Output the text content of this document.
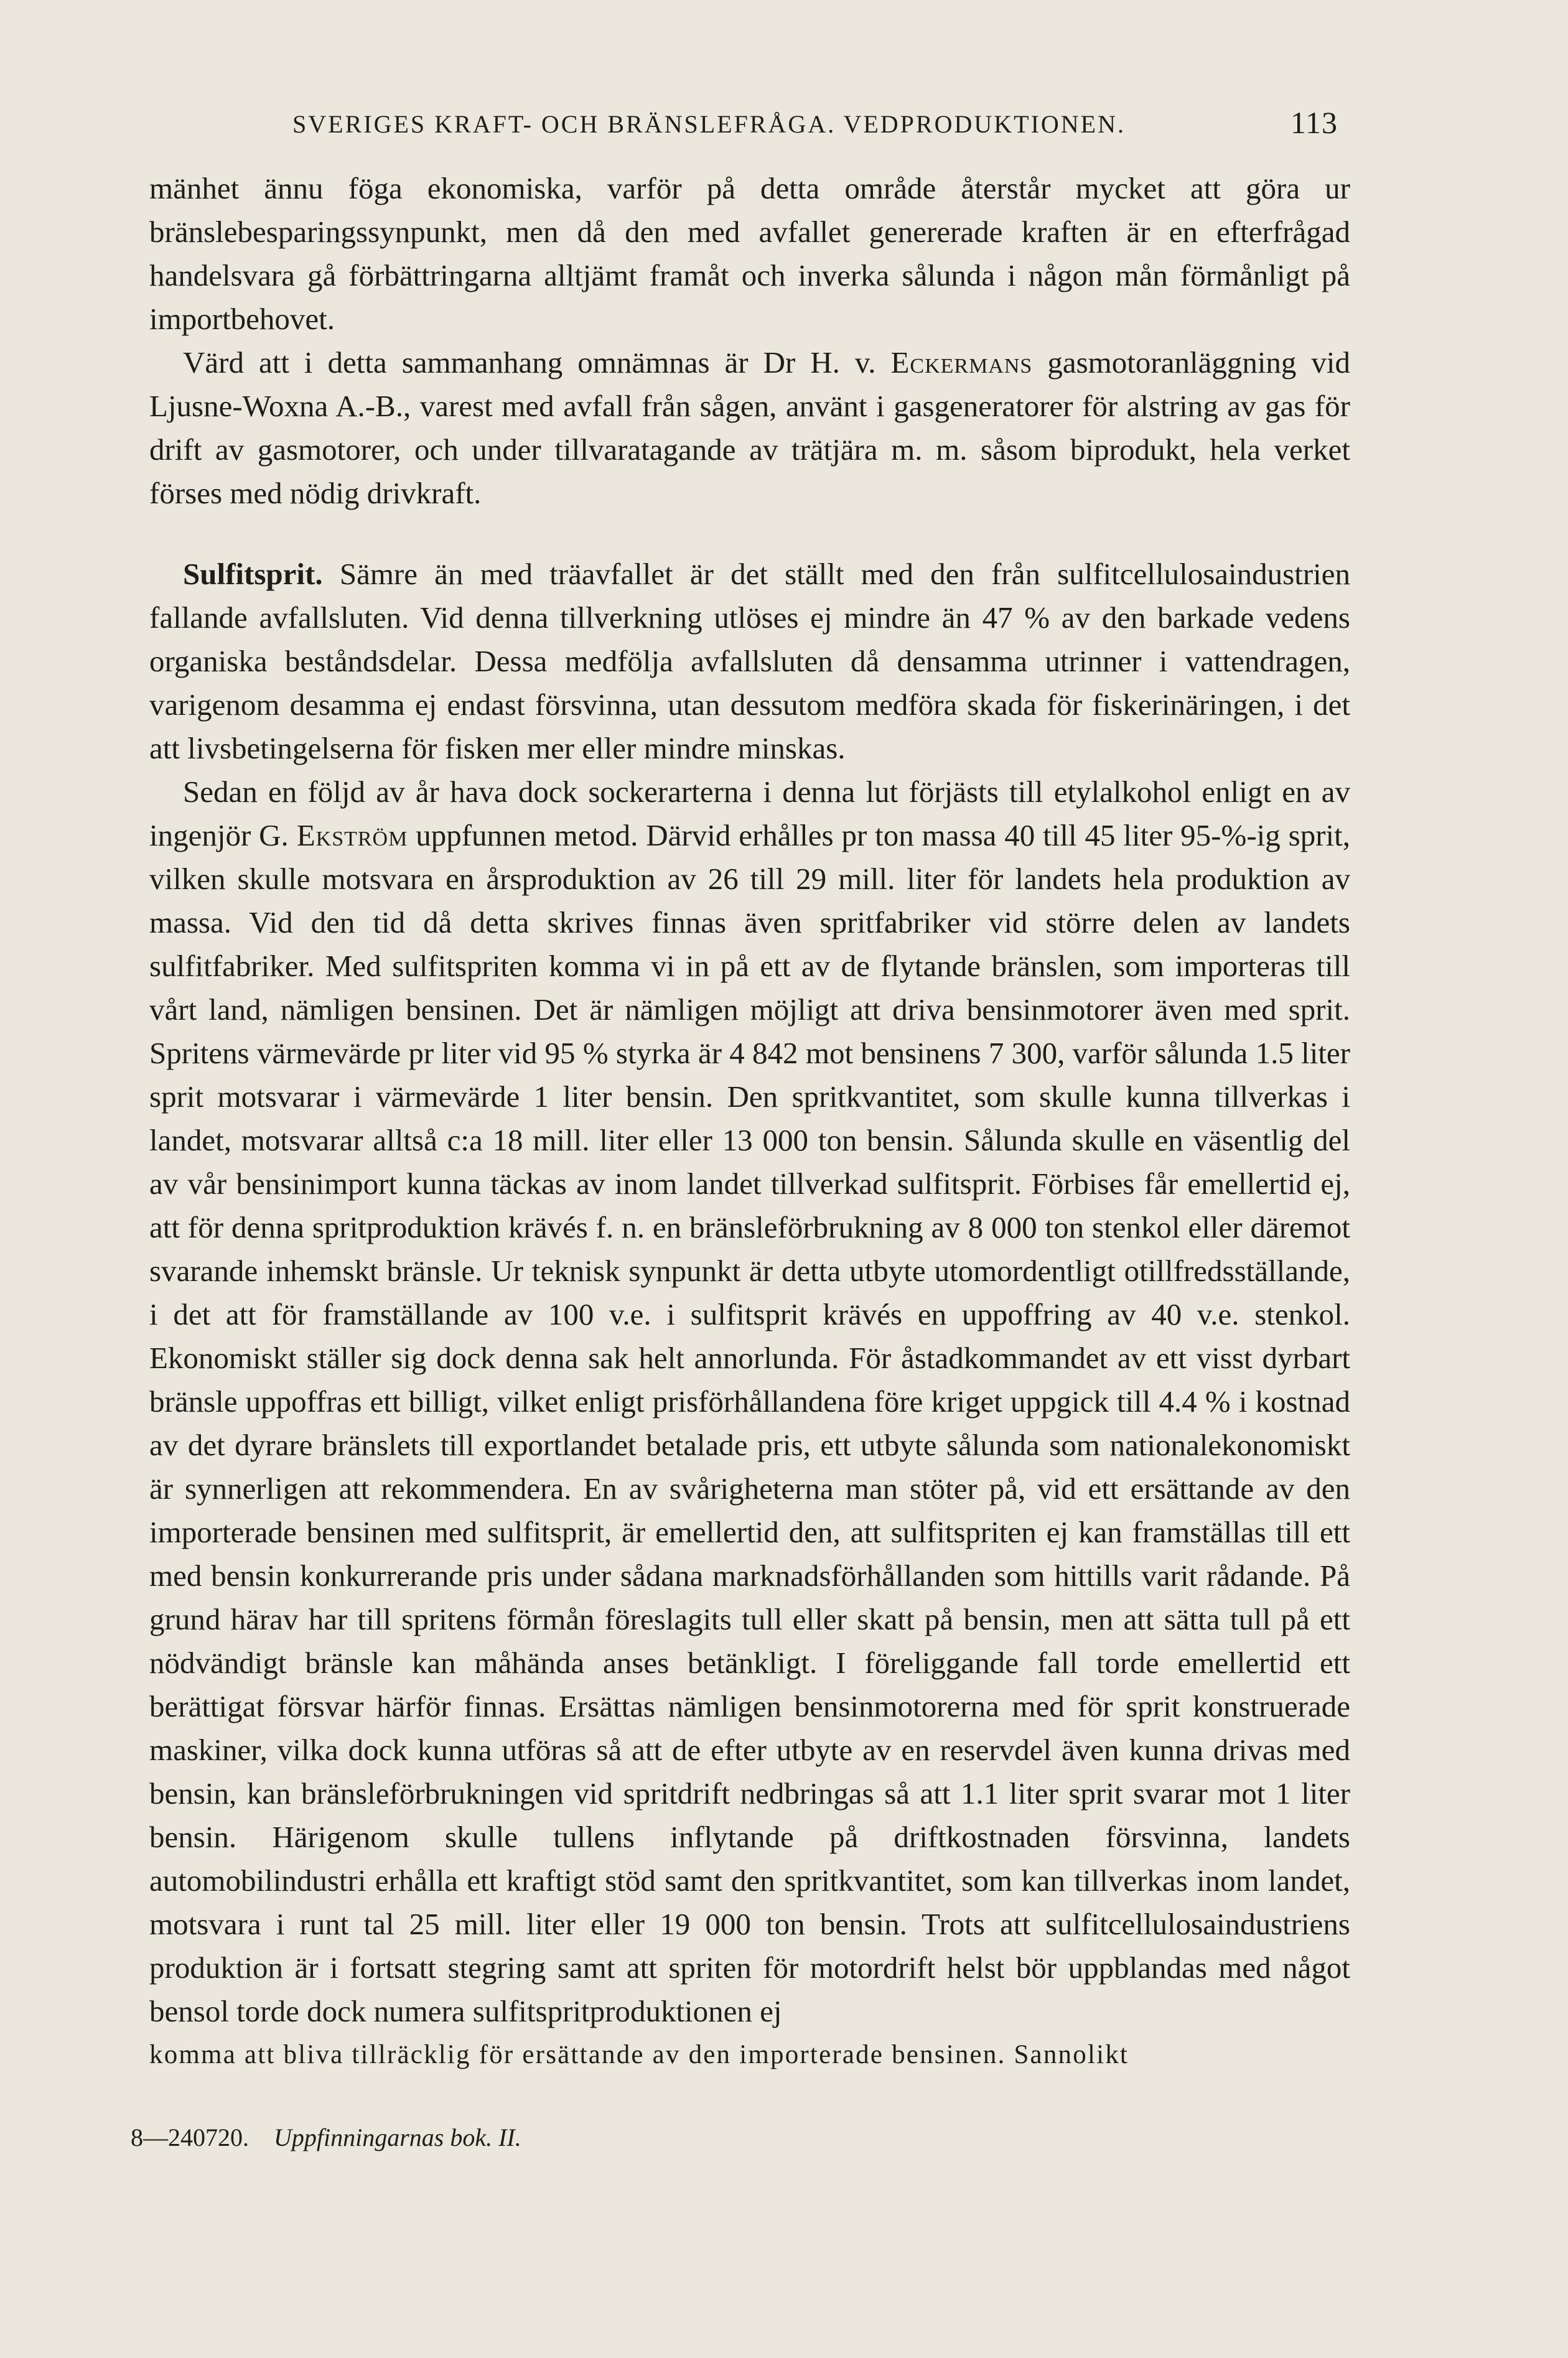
SVERIGES KRAFT- OCH BRÄNSLEFRÅGA. VEDPRODUKTIONEN.	113

mänhet ännu föga ekonomiska, varför på detta område återstår mycket att göra ur bränslebesparingssynpunkt, men då den med avfallet genererade kraften är en efterfrågad handelsvara gå förbättringarna alltjämt framåt och inverka sålunda i någon mån förmånligt på importbehovet.

Värd att i detta sammanhang omnämnas är Dr H. v. Eckermans gasmotoranläggning vid Ljusne-Woxna A.-B., varest med avfall från sågen, använt i gasgeneratorer för alstring av gas för drift av gasmotorer, och under tillvaratagande av trätjära m. m. såsom biprodukt, hela verket förses med nödig drivkraft.

Sulfitsprit. Sämre än med träavfallet är det ställt med den från sulfitcellulosaindustrien fallande avfallsluten. Vid denna tillverkning utlöses ej mindre än 47 % av den barkade vedens organiska beståndsdelar. Dessa medfölja avfallsluten då densamma utrinner i vattendragen, varigenom desamma ej endast försvinna, utan dessutom medföra skada för fiskerinäringen, i det att livsbetingelserna för fisken mer eller mindre minskas.

Sedan en följd av år hava dock sockerarterna i denna lut förjästs till etylalkohol enligt en av ingenjör G. Ekström uppfunnen metod. Därvid erhålles pr ton massa 40 till 45 liter 95-%-ig sprit, vilken skulle motsvara en årsproduktion av 26 till 29 mill. liter för landets hela produktion av massa. Vid den tid då detta skrives finnas även spritfabriker vid större delen av landets sulfitfabriker. Med sulfitspriten komma vi in på ett av de flytande bränslen, som importeras till vårt land, nämligen bensinen. Det är nämligen möjligt att driva bensinmotorer även med sprit. Spritens värmevärde pr liter vid 95 % styrka är 4 842 mot bensinens 7 300, varför sålunda 1.5 liter sprit motsvarar i värmevärde 1 liter bensin. Den spritkvantitet, som skulle kunna tillverkas i landet, motsvarar alltså c:a 18 mill. liter eller 13 000 ton bensin. Sålunda skulle en väsentlig del av vår bensinimport kunna täckas av inom landet tillverkad sulfitsprit. Förbises får emellertid ej, att för denna spritproduktion krävés f. n. en bränsleförbrukning av 8 000 ton stenkol eller däremot svarande inhemskt bränsle. Ur teknisk synpunkt är detta utbyte utomordentligt otillfredsställande, i det att för framställande av 100 v.e. i sulfitsprit krävés en uppoffring av 40 v.e. stenkol. Ekonomiskt ställer sig dock denna sak helt annorlunda. För åstadkommandet av ett visst dyrbart bränsle uppoffras ett billigt, vilket enligt prisförhållandena före kriget uppgick till 4.4 % i kostnad av det dyrare bränslets till exportlandet betalade pris, ett utbyte sålunda som nationalekonomiskt är synnerligen att rekommendera. En av svårigheterna man stöter på, vid ett ersättande av den importerade bensinen med sulfitsprit, är emellertid den, att sulfitspriten ej kan framställas till ett med bensin konkurrerande pris under sådana marknadsförhållanden som hittills varit rådande. På grund härav har till spritens förmån föreslagits tull eller skatt på bensin, men att sätta tull på ett nödvändigt bränsle kan måhända anses betänkligt. I föreliggande fall torde emellertid ett berättigat försvar härför finnas. Ersättas nämligen bensinmotorerna med för sprit konstruerade maskiner, vilka dock kunna utföras så att de efter utbyte av en reservdel även kunna drivas med bensin, kan bränsleförbrukningen vid spritdrift nedbringas så att 1.1 liter sprit svarar mot 1 liter bensin. Härigenom skulle tullens inflytande på driftkostnaden försvinna, landets automobilindustri erhålla ett kraftigt stöd samt den spritkvantitet, som kan tillverkas inom landet, motsvara i runt tal 25 mill. liter eller 19 000 ton bensin. Trots att sulfitcellulosaindustriens produktion är i fortsatt stegring samt att spriten för motordrift helst bör uppblandas med något bensol torde dock numera sulfitspritproduktionen ej

komma att bliva tillräcklig för ersättande av den importerade bensinen. Sannolikt

8—240720. Uppfinningarnas bok. II.
